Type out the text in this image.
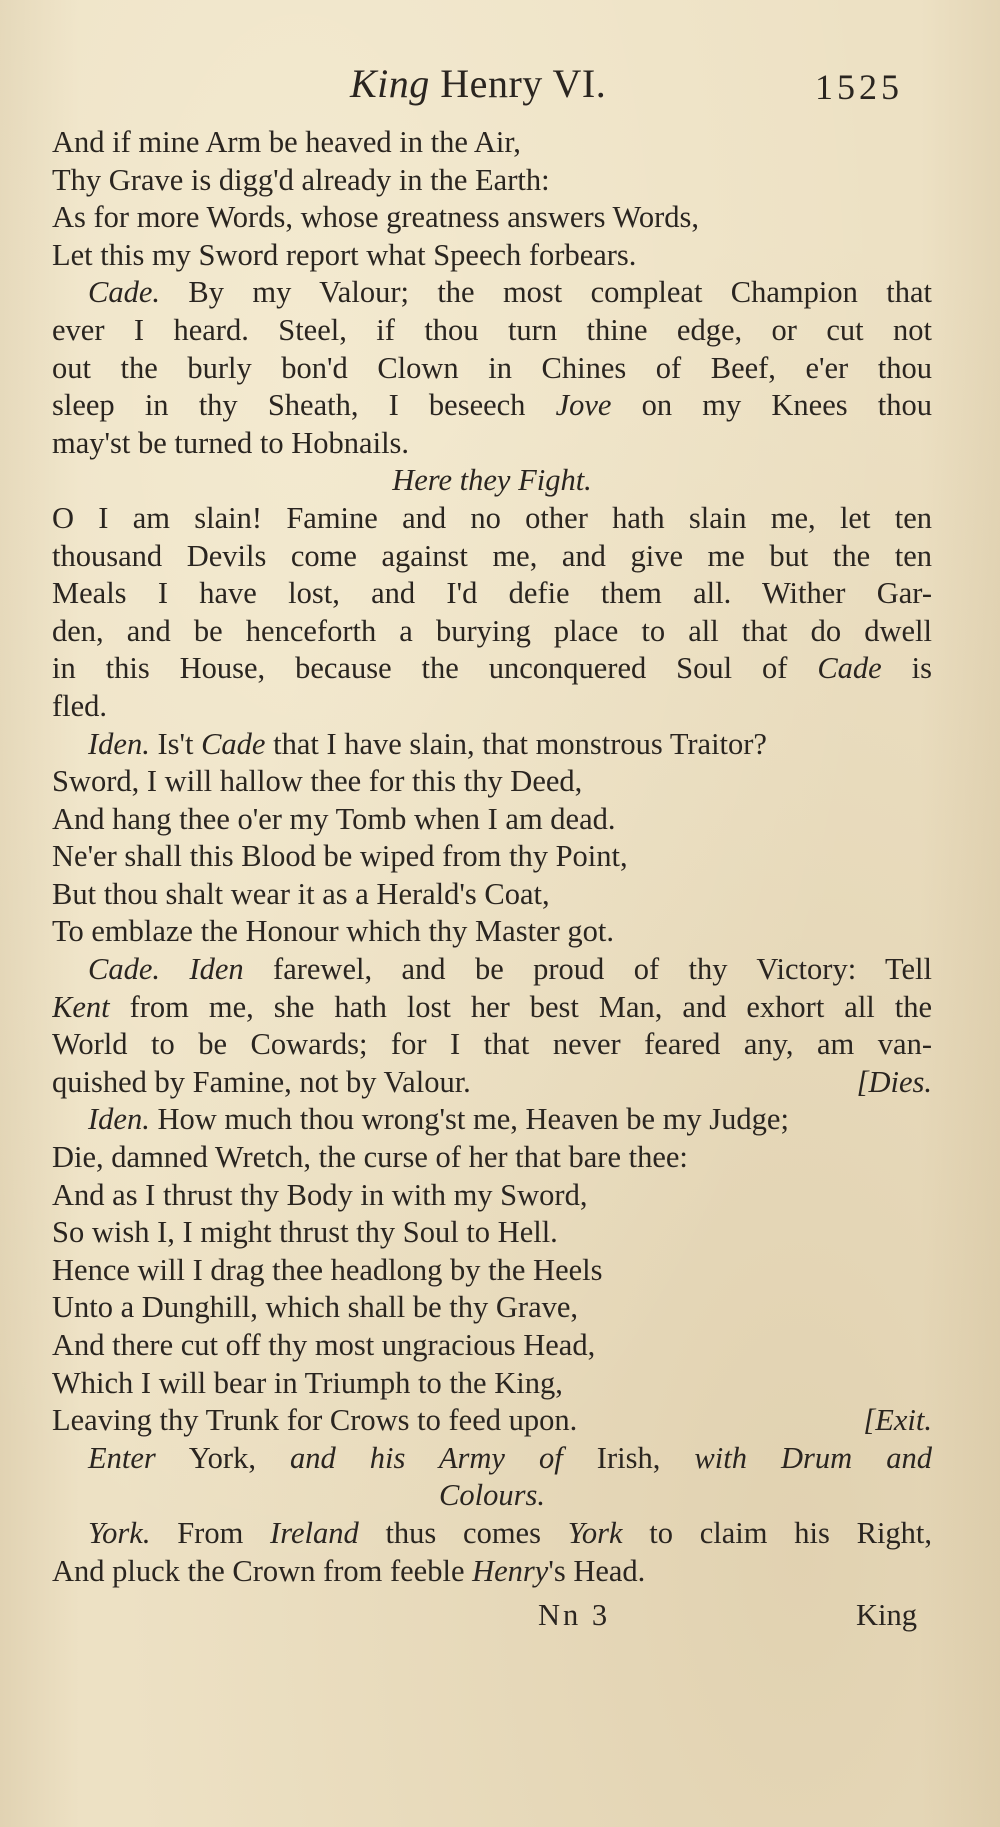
King Henry VI.	1525
And if mine Arm be heaved in the Air,
Thy Grave is digg'd already in the Earth:
As for more Words, whose greatness answers Words,
Let this my Sword report what Speech forbears.
Cade. By my Valour; the most compleat Champion that
ever I heard. Steel, if thou turn thine edge, or cut not
out the burly bon'd Clown in Chines of Beef, e'er thou
sleep in thy Sheath, I beseech Jove on my Knees thou
may'st be turned to Hobnails.
Here they Fight.
O I am slain! Famine and no other hath slain me, let ten
thousand Devils come against me, and give me but the ten
Meals I have lost, and I'd defie them all. Wither Gar-
den, and be henceforth a burying place to all that do dwell
in this House, because the unconquered Soul of Cade is
fled.
Iden. Is't Cade that I have slain, that monstrous Traitor?
Sword, I will hallow thee for this thy Deed,
And hang thee o'er my Tomb when I am dead.
Ne'er shall this Blood be wiped from thy Point,
But thou shalt wear it as a Herald's Coat,
To emblaze the Honour which thy Master got.
Cade. Iden farewel, and be proud of thy Victory: Tell
Kent from me, she hath lost her best Man, and exhort all the
World to be Cowards; for I that never feared any, am van-
[Dies.
quished by Famine, not by Valour.
Iden. How much thou wrong'st me, Heaven be my Judge;
Die, damned Wretch, the curse of her that bare thee:
And as I thrust thy Body in with my Sword,
So wish I, I might thrust thy Soul to Hell.
Hence will I drag thee headlong by the Heels
Unto a Dunghill, which shall be thy Grave,
And there cut off thy most ungracious Head,
Which I will bear in Triumph to the King,
[Exit.
Leaving thy Trunk for Crows to feed upon.
Enter York, and his Army of Irish, with Drum and
Colours.
York. From Ireland thus comes York to claim his Right,
And pluck the Crown from feeble Henry's Head.
Nn 3	King
